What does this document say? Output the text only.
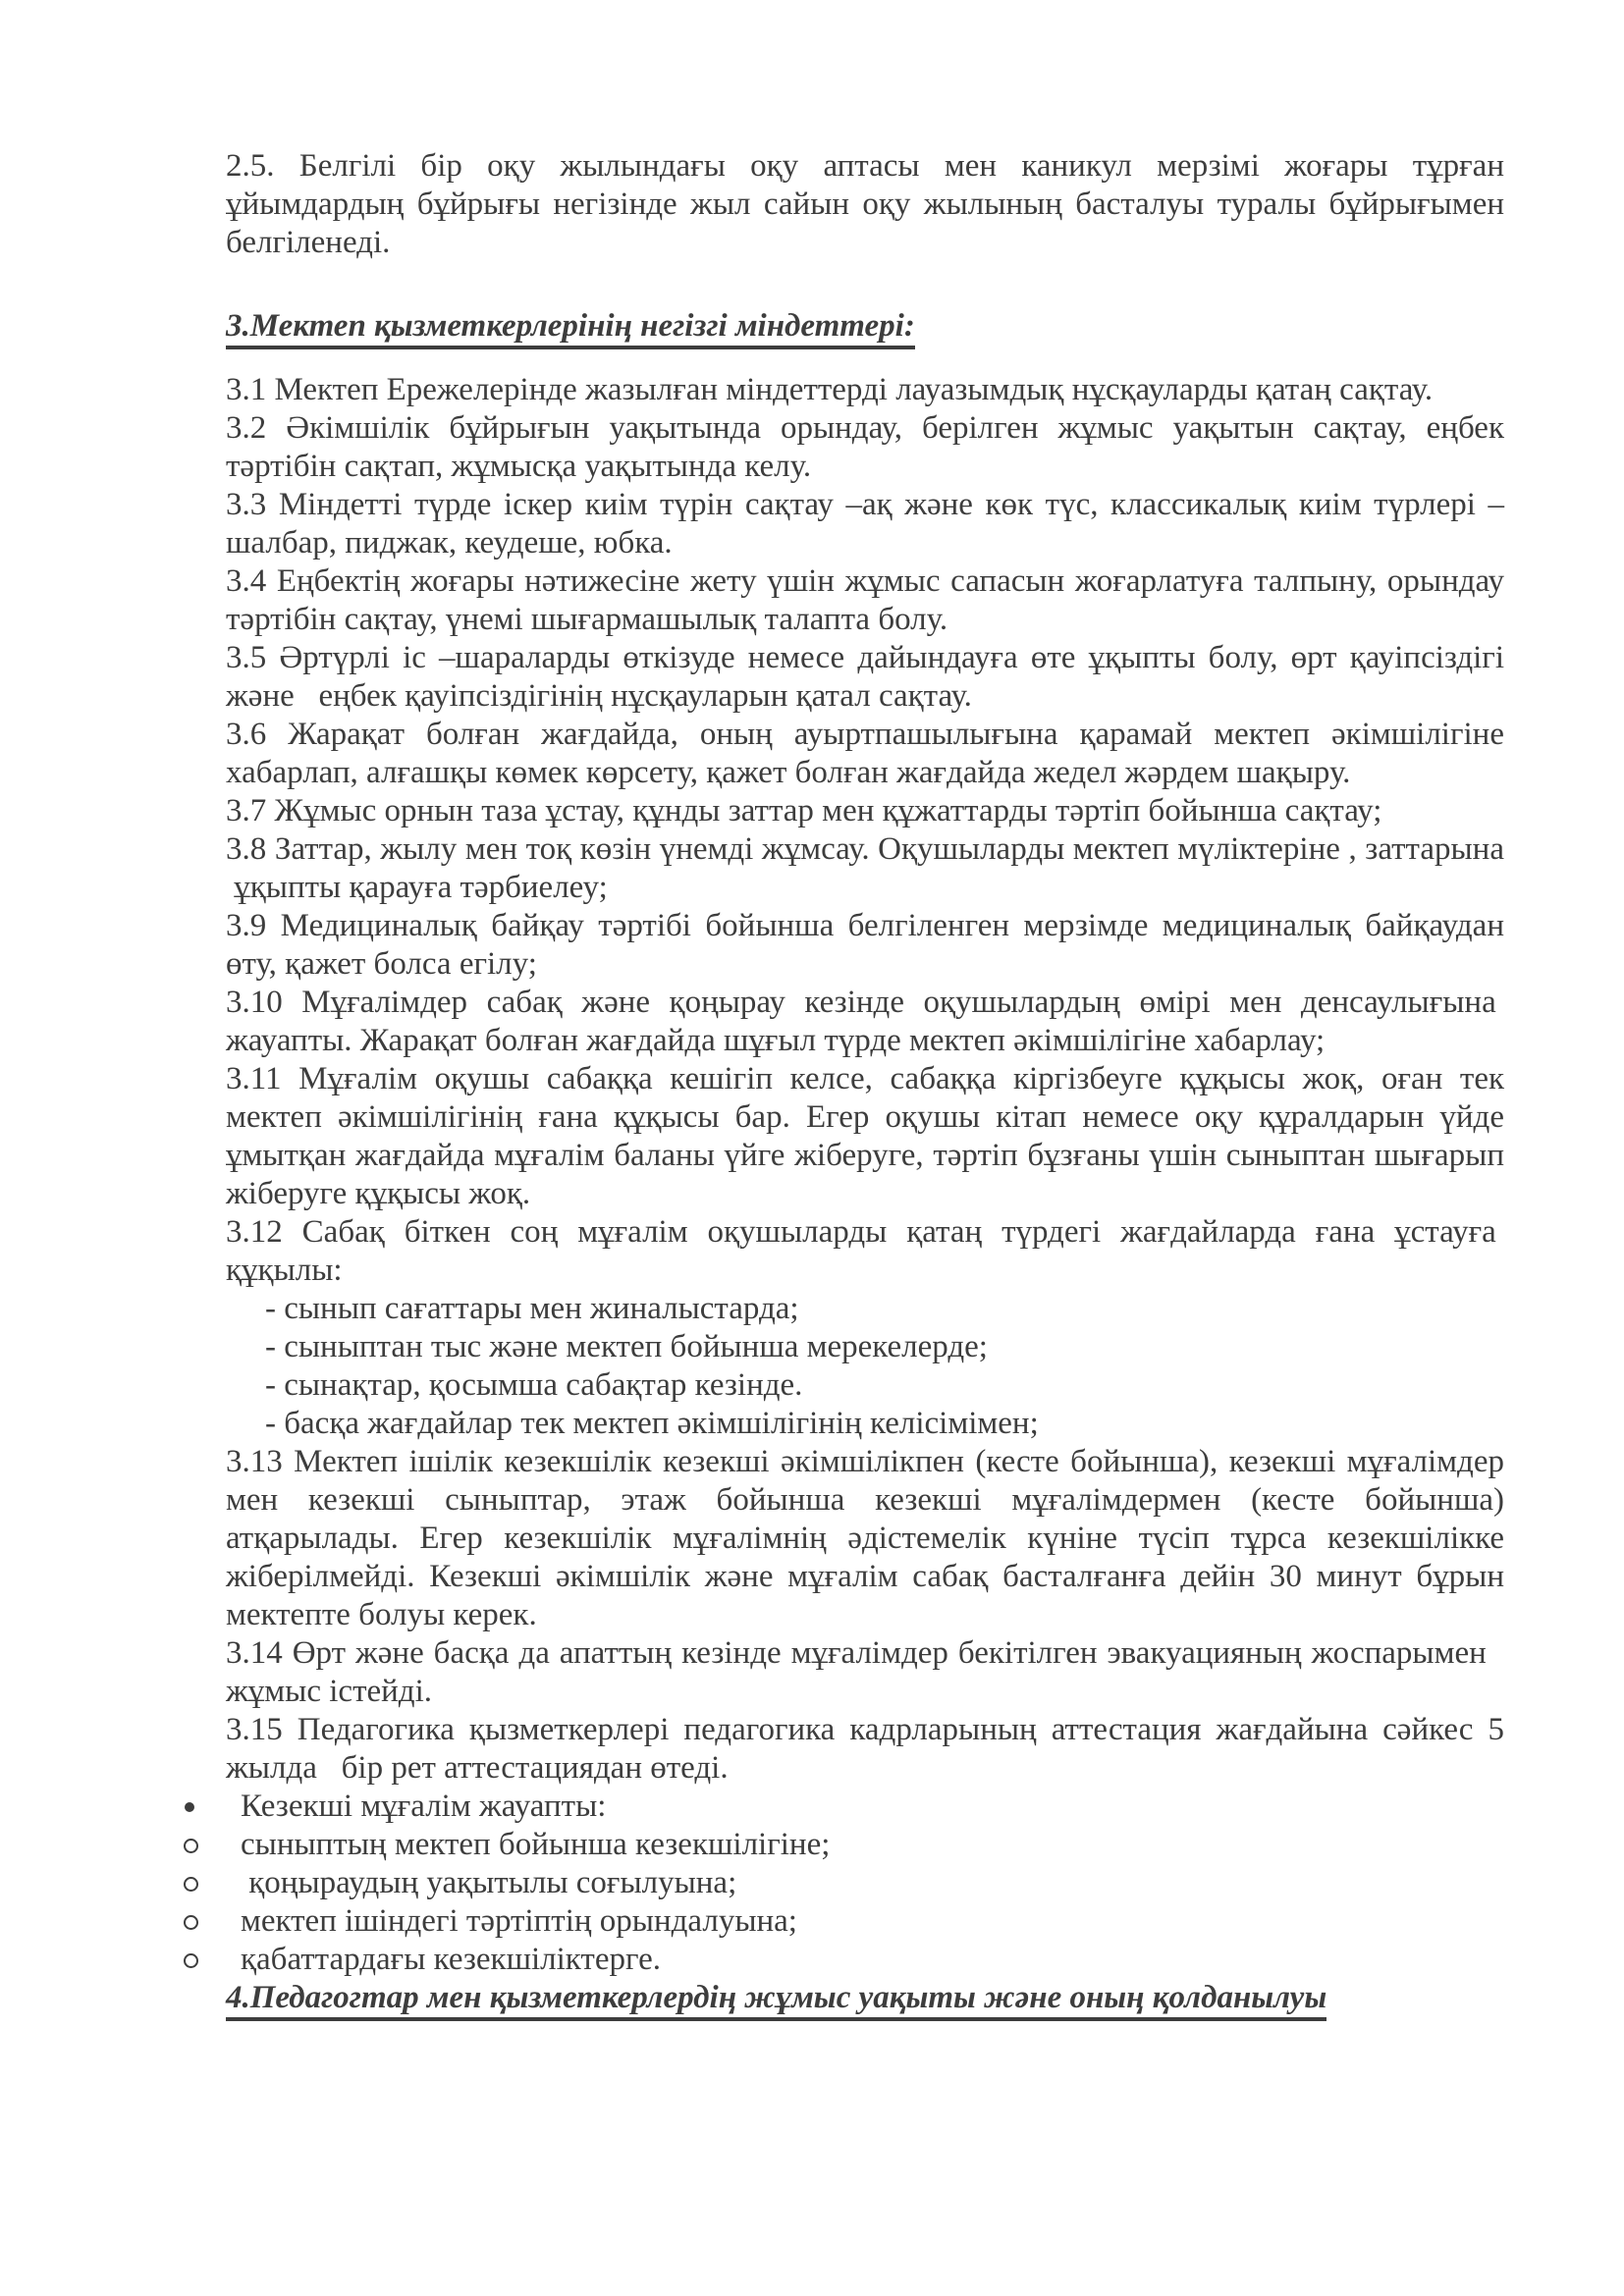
2.5. Белгілі бір оқу жылындағы оқу аптасы мен каникул мерзімі жоғары тұрған ұйымдардың бұйрығы негізінде жыл сайын оқу жылының басталуы туралы бұйрығымен белгіленеді.

3.Мектеп қызметкерлерінің негізгі міндеттері:

3.1 Мектеп Ережелерінде жазылған міндеттерді лауазымдық нұсқауларды қатаң сақтау.

3.2 Әкімшілік бұйрығын уақытында орындау, берілген жұмыс уақытын сақтау, еңбек тәртібін сақтап, жұмысқа уақытында келу.

3.3 Міндетті түрде іскер киім түрін сақтау –ақ және көк түс, классикалық киім түрлері – шалбар, пиджак, кеудеше, юбка.

3.4 Еңбектің жоғары нәтижесіне жету үшін жұмыс сапасын жоғарлатуға талпыну, орындау тәртібін сақтау, үнемі шығармашылық талапта болу.

3.5 Әртүрлі іс –шараларды өткізуде немесе дайындауға өте ұқыпты болу, өрт қауіпсіздігі және   еңбек қауіпсіздігінің нұсқауларын қатал сақтау.

3.6 Жарақат болған жағдайда, оның ауыртпашылығына қарамай мектеп әкімшілігіне хабарлап, алғашқы көмек көрсету, қажет болған жағдайда жедел жәрдем шақыру.

3.7 Жұмыс орнын таза ұстау, құнды заттар мен құжаттарды тәртіп бойынша сақтау;

3.8 Заттар, жылу мен тоқ көзін үнемді жұмсау. Оқушыларды мектеп мүліктеріне , заттарына  ұқыпты қарауға тәрбиелеу;

3.9 Медициналық байқау тәртібі бойынша белгіленген мерзімде медициналық байқаудан өту, қажет болса егілу;

3.10 Мұғалімдер сабақ және қоңырау кезінде оқушылардың өмірі мен денсаулығына  жауапты. Жарақат болған жағдайда шұғыл түрде мектеп әкімшілігіне хабарлау;

3.11 Мұғалім оқушы сабаққа кешігіп келсе, сабаққа кіргізбеуге құқысы жоқ, оған тек мектеп әкімшілігінің ғана құқысы бар. Егер оқушы кітап немесе оқу құралдарын үйде ұмытқан жағдайда мұғалім баланы үйге жіберуге, тәртіп бұзғаны үшін сыныптан шығарып жіберуге құқысы жоқ.

3.12 Сабақ біткен соң мұғалім оқушыларды қатаң түрдегі жағдайларда ғана ұстауға  құқылы:

- сынып сағаттары мен жиналыстарда;

- сыныптан тыс және мектеп бойынша мерекелерде;

- сынақтар, қосымша сабақтар кезінде.

- басқа жағдайлар тек мектеп әкімшілігінің келісімімен;

3.13 Мектеп ішілік кезекшілік кезекші әкімшілікпен (кесте бойынша), кезекші мұғалімдер мен кезекші сыныптар, этаж бойынша кезекші мұғалімдермен (кесте бойынша) атқарылады. Егер кезекшілік мұғалімнің әдістемелік күніне түсіп тұрса кезекшілікке жіберілмейді. Кезекші әкімшілік және мұғалім сабақ басталғанға дейін 30 минут бұрын мектепте болуы керек.

3.14 Өрт және басқа да апаттың кезінде мұғалімдер бекітілген эвакуацияның жоспарымен   жұмыс істейді.

3.15 Педагогика қызметкерлері педагогика кадрларының аттестация жағдайына сәйкес 5 жылда   бір рет аттестациядан өтеді.

Кезекші мұғалім жауапты:
сыныптың мектеп бойынша кезекшілігіне;
қоңыраудың уақытылы соғылуына;
мектеп ішіндегі тәртіптің орындалуына;
қабаттардағы кезекшіліктерге.
4.Педагогтар мен қызметкерлердің жұмыс уақыты және оның қолданылуы
